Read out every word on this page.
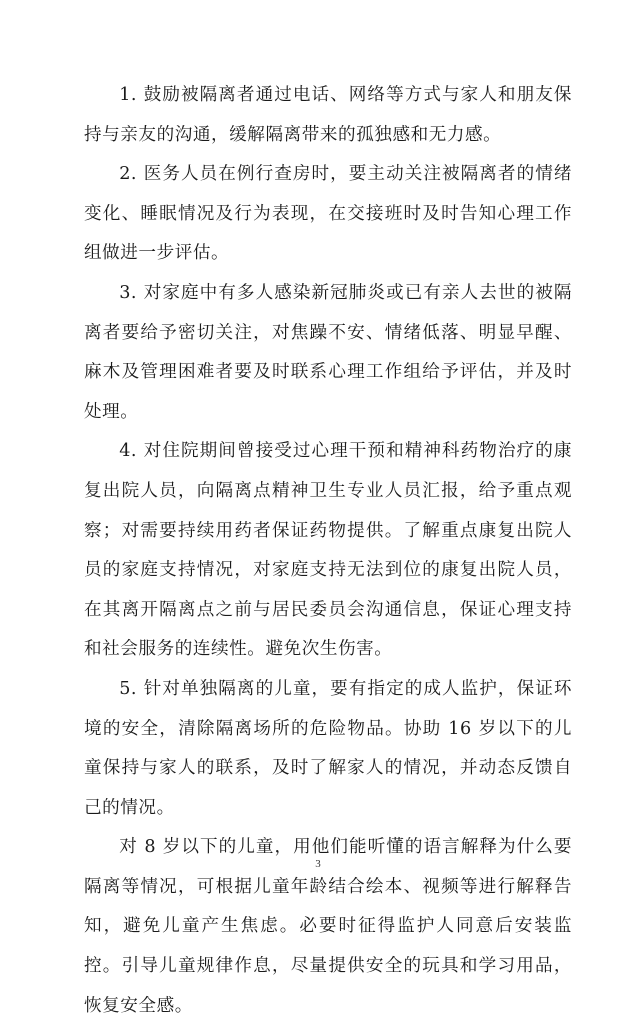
1. 鼓励被隔离者通过电话、网络等方式与家人和朋友保持与亲友的沟通，缓解隔离带来的孤独感和无力感。

2. 医务人员在例行查房时，要主动关注被隔离者的情绪变化、睡眠情况及行为表现，在交接班时及时告知心理工作组做进一步评估。

3. 对家庭中有多人感染新冠肺炎或已有亲人去世的被隔离者要给予密切关注，对焦躁不安、情绪低落、明显早醒、麻木及管理困难者要及时联系心理工作组给予评估，并及时处理。

4. 对住院期间曾接受过心理干预和精神科药物治疗的康复出院人员，向隔离点精神卫生专业人员汇报，给予重点观察；对需要持续用药者保证药物提供。了解重点康复出院人员的家庭支持情况，对家庭支持无法到位的康复出院人员，在其离开隔离点之前与居民委员会沟通信息，保证心理支持和社会服务的连续性。避免次生伤害。

5. 针对单独隔离的儿童，要有指定的成人监护，保证环境的安全，清除隔离场所的危险物品。协助 16 岁以下的儿童保持与家人的联系，及时了解家人的情况，并动态反馈自己的情况。

对 8 岁以下的儿童，用他们能听懂的语言解释为什么要隔离等情况，可根据儿童年龄结合绘本、视频等进行解释告知，避免儿童产生焦虑。必要时征得监护人同意后安装监控。引导儿童规律作息，尽量提供安全的玩具和学习用品，恢复安全感。

3
